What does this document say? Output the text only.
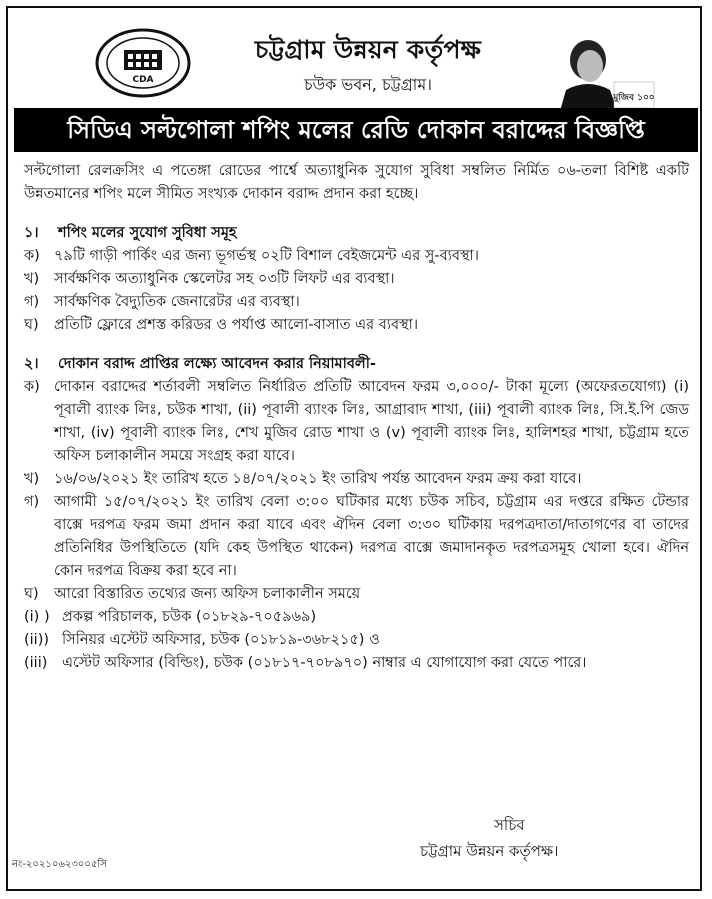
CDA
চট্টগ্রাম উন্নয়ন কর্তৃপক্ষ
চউক ভবন, চট্টগ্রাম।
মুজিব ১০০
সিডিএ সল্টগোলা শপিং মলের রেডি দোকান বরাদ্দের বিজ্ঞপ্তি

সল্টগোলা রেলক্রসিং এ পতেঙ্গা রোডের পার্শ্বে অত্যাধুনিক সুযোগ সুবিধা সম্বলিত নির্মিত ০৬-তলা বিশিষ্ট একটি উন্নতমানের শপিং মলে সীমিত সংখ্যক দোকান বরাদ্দ প্রদান করা হচ্ছে।

১। শপিং মলের সুযোগ সুবিধা সমূহ
ক) ৭৯টি গাড়ী পার্কিং এর জন্য ভূগর্ভস্থ ০২টি বিশাল বেইজমেন্ট এর সু-ব্যবস্থা।
খ)	সার্বক্ষণিক অত্যাধুনিক স্কেলেটর সহ ০৩টি লিফট এর ব্যবস্থা।
গ)	সার্বক্ষণিক বৈদ্যুতিক জেনারেটর এর ব্যবস্থা।
ঘ)	প্রতিটি ফ্লোরে প্রশস্ত করিডর ও পর্যাপ্ত আলো-বাসাত এর ব্যবস্থা।
২। দোকান বরাদ্দ প্রাপ্তির লক্ষ্যে আবেদন করার নিয়ামাবলী-
ক) দোকান বরাদ্দের শর্তাবলী সম্বলিত নির্ধারিত প্রতিটি আবেদন ফরম ৩,০০০/- টাকা মূল্যে (অফেরতযোগ্য) (i) পূবালী ব্যাংক লিঃ, চউক শাখা, (ii) পূবালী ব্যাংক লিঃ, আগ্রাবাদ শাখা, (iii) পূবালী ব্যাংক লিঃ, সি.ই.পি জেড শাখা, (iv) পূবালী ব্যাংক লিঃ, শেখ মুজিব রোড শাখা ও (v) পূবালী ব্যাংক লিঃ, হালিশহর শাখা, চট্টগ্রাম হতে অফিস চলাকালীন সময়ে সংগ্রহ করা যাবে।
খ)	১৬/০৬/২০২১ ইং তারিখ হতে ১৪/০৭/২০২১ ইং তারিখ পর্যন্ত আবেদন ফরম ক্রয় করা যাবে।
গ)	আগামী ১৫/০৭/২০২১ ইং তারিখ বেলা ৩:০০ ঘটিকার মধ্যে চউক সচিব, চট্টগ্রাম এর দপ্তরে রক্ষিত টেন্ডার বাক্সে দরপত্র ফরম জমা প্রদান করা যাবে এবং ঐদিন বেলা ৩:৩০ ঘটিকায় দরপত্রদাতা/দাতাগণের বা তাদের প্রতিনিধির উপস্থিতিতে (যদি কেহ উপস্থিত থাকেন) দরপত্র বাক্সে জমাদানকৃত দরপত্রসমূহ খোলা হবে। ঐদিন কোন দরপত্র বিক্রয় করা হবে না।
ঘ)	আরো বিস্তারিত তথ্যের জন্য অফিস চলাকালীন সময়ে
(i) ) প্রকল্প পরিচালক, চউক (০১৮২৯-৭০৫৯৬৯)
(ii)) সিনিয়র এস্টেট অফিসার, চউক (০১৮১৯-৩৬৮২১৫) ও
(iii)	এস্টেট অফিসার (বিল্ডিং), চউক (০১৮১৭-৭০৮৯৭০) নাম্বার এ যোগাযোগ করা যেতে পারে।
সচিব
চট্টগ্রাম উন্নয়ন কর্তৃপক্ষ।
নং-২০২১০৬২৩০০৫সি
